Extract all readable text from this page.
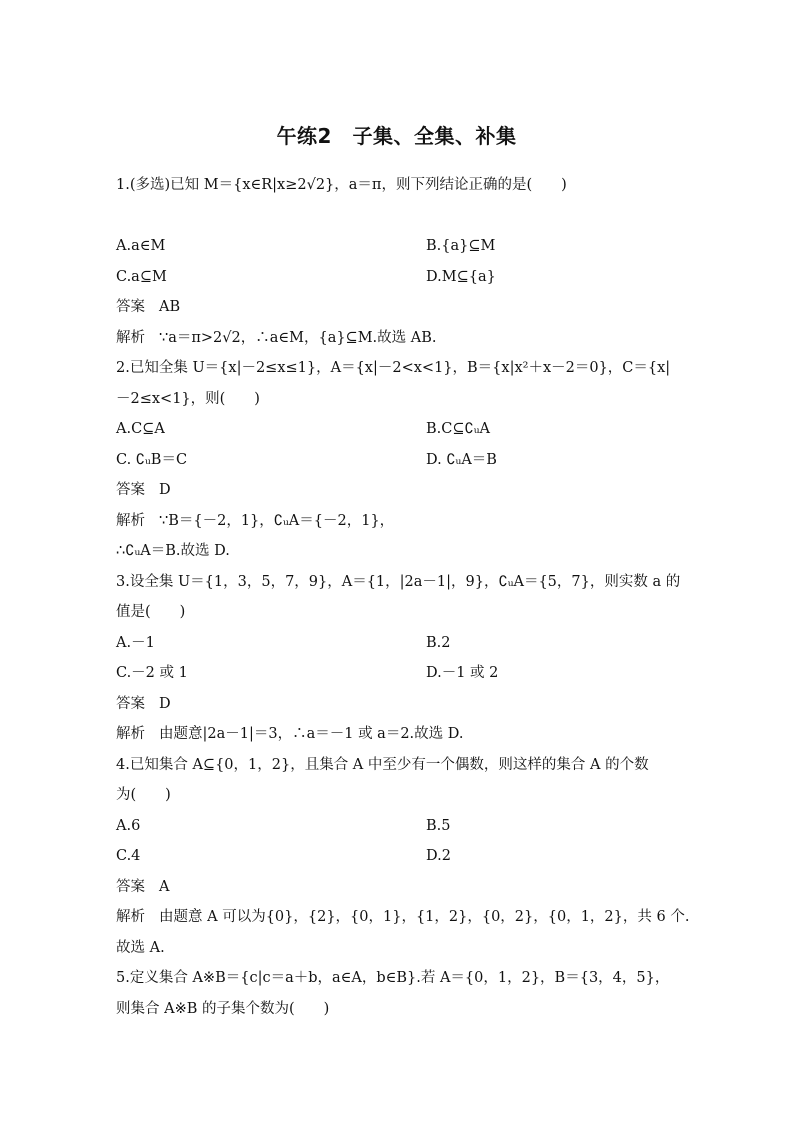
午练2　子集、全集、补集
1.(多选)已知 M＝{x∈R|x≥2√2}，a＝π，则下列结论正确的是(　　)
A.a∈M	B.{a}⊆M
C.a⊆M	D.M⊆{a}
答案 AB
解析 ∵a＝π>2√2，∴a∈M，{a}⊆M.故选 AB.
2.已知全集 U＝{x|－2≤x≤1}，A＝{x|－2<x<1}，B＝{x|x²＋x－2＝0}，C＝{x|
－2≤x<1}，则(　　)
A.C⊆A	B.C⊆∁ᵤA
C. ∁ᵤB＝C	D. ∁ᵤA＝B
答案 D
解析 ∵B＝{－2，1}，∁ᵤA＝{－2，1}，
∴∁ᵤA＝B.故选 D.
3.设全集 U＝{1，3，5，7，9}，A＝{1，|2a－1|，9}，∁ᵤA＝{5，7}，则实数 a 的
值是(　　)
A.－1	B.2
C.－2 或 1	D.－1 或 2
答案 D
解析 由题意|2a－1|＝3，∴a＝－1 或 a＝2.故选 D.
4.已知集合 A⊆{0，1，2}，且集合 A 中至少有一个偶数，则这样的集合 A 的个数
为(　　)
A.6	B.5
C.4	D.2
答案 A
解析 由题意 A 可以为{0}，{2}，{0，1}，{1，2}，{0，2}，{0，1，2}，共 6 个.
故选 A.
5.定义集合 A※B＝{c|c＝a＋b，a∈A，b∈B}.若 A＝{0，1，2}，B＝{3，4，5}，
则集合 A※B 的子集个数为(　　)
